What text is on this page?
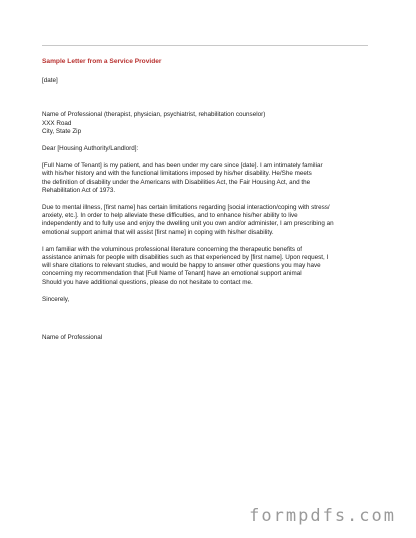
Sample Letter from a Service Provider
[date]
Name of Professional (therapist, physician, psychiatrist, rehabilitation counselor)
XXX Road
City, State Zip
Dear [Housing Authority/Landlord]:
[Full Name of Tenant] is my patient, and has been under my care since [date]. I am intimately familiar
with his/her history and with the functional limitations imposed by his/her disability. He/She meets
the definition of disability under the Americans with Disabilities Act, the Fair Housing Act, and the
Rehabilitation Act of 1973.
Due to mental illness, [first name] has certain limitations regarding [social interaction/coping with stress/
anxiety, etc.]. In order to help alleviate these difficulties, and to enhance his/her ability to live
independently and to fully use and enjoy the dwelling unit you own and/or administer, I am prescribing an
emotional support animal that will assist [first name] in coping with his/her disability.
I am familiar with the voluminous professional literature concerning the therapeutic benefits of
assistance animals for people with disabilities such as that experienced by [first name]. Upon request, I
will share citations to relevant studies, and would be happy to answer other questions you may have
concerning my recommendation that [Full Name of Tenant] have an emotional support animal
Should you have additional questions, please do not hesitate to contact me.
Sincerely,
Name of Professional
formpdfs.com
